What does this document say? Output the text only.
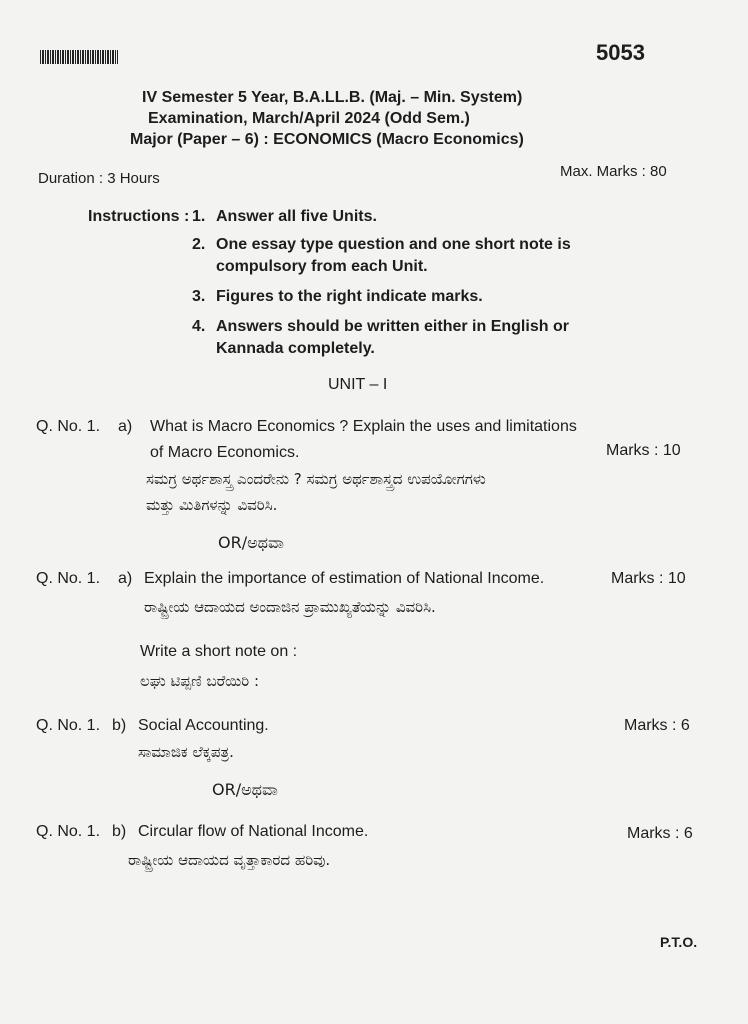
5053
IV Semester 5 Year, B.A.LL.B. (Maj. – Min. System)
Examination, March/April 2024 (Odd Sem.)
Major (Paper – 6) : ECONOMICS (Macro Economics)
Duration : 3 Hours	Max. Marks : 80
Instructions : 1. Answer all five Units.
2. One essay type question and one short note is
compulsory from each Unit.
3. Figures to the right indicate marks.
4. Answers should be written either in English or
Kannada completely.
UNIT – I
Q. No. 1. a) What is Macro Economics ? Explain the uses and limitations
of Macro Economics.	Marks : 10
ಸಮಗ್ರ ಅರ್ಥಶಾಸ್ತ್ರ ಎಂದರೇನು ? ಸಮಗ್ರ ಅರ್ಥಶಾಸ್ತ್ರದ ಉಪಯೋಗಗಳು
ಮತ್ತು ಮಿತಿಗಳನ್ನು ವಿವರಿಸಿ.
OR/ಅಥವಾ
Q. No. 1. a) Explain the importance of estimation of National Income.	Marks : 10
ರಾಷ್ಟ್ರೀಯ ಆದಾಯದ ಅಂದಾಜಿನ ಪ್ರಾಮುಖ್ಯತೆಯನ್ನು ವಿವರಿಸಿ.
Write a short note on :
ಲಘು ಟಿಪ್ಪಣಿ ಬರೆಯಿರಿ :
Q. No. 1. b) Social Accounting.	Marks : 6
ಸಾಮಾಜಿಕ ಲೆಕ್ಕಪತ್ರ.
OR/ಅಥವಾ
Q. No. 1. b) Circular flow of National Income.	Marks : 6
ರಾಷ್ಟ್ರೀಯ ಆದಾಯದ ವೃತ್ತಾಕಾರದ ಹರಿವು.
P.T.O.
